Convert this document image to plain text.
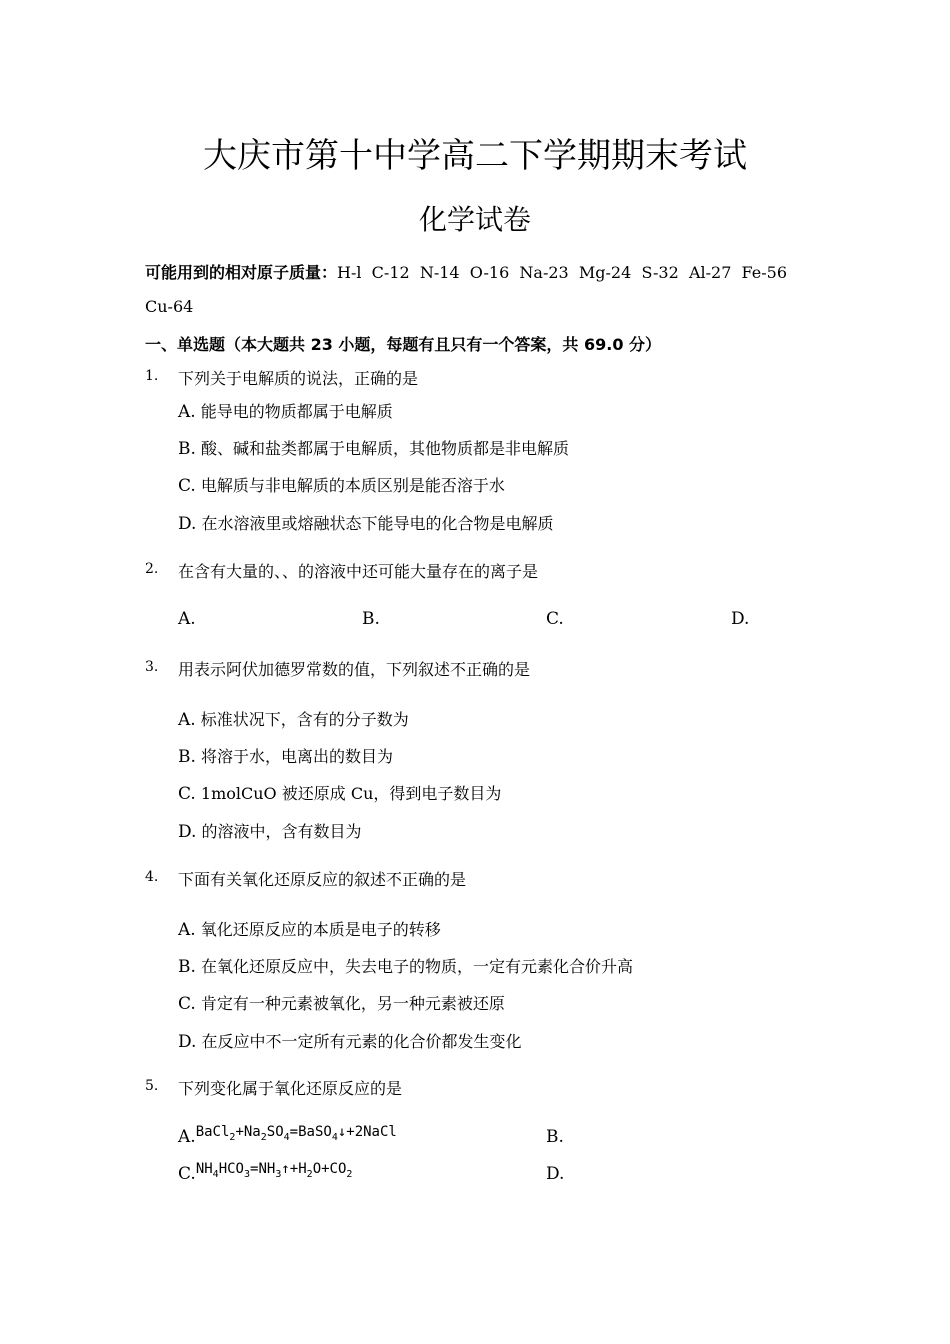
大庆市第十中学高二下学期期末考试
化学试卷
可能用到的相对原子质量：H-l  C-12  N-14  O-16  Na-23  Mg-24  S-32  Al-27  Fe-56
Cu-64
一、单选题（本大题共 23 小题，每题有且只有一个答案，共 69.0 分）
1. 下列关于电解质的说法，正确的是
A. 能导电的物质都属于电解质
B. 酸、碱和盐类都属于电解质，其他物质都是非电解质
C. 电解质与非电解质的本质区别是能否溶于水
D. 在水溶液里或熔融状态下能导电的化合物是电解质
2. 在含有大量的、、的溶液中还可能大量存在的离子是
A.	B.	C.	D.
3. 用表示阿伏加德罗常数的值，下列叙述不正确的是
A. 标准状况下，含有的分子数为
B. 将溶于水，电离出的数目为
C. 1molCuO 被还原成 Cu，得到电子数目为
D. 的溶液中，含有数目为
4. 下面有关氧化还原反应的叙述不正确的是
A. 氧化还原反应的本质是电子的转移
B. 在氧化还原反应中，失去电子的物质，一定有元素化合价升高
C. 肯定有一种元素被氧化，另一种元素被还原
D. 在反应中不一定所有元素的化合价都发生变化
5. 下列变化属于氧化还原反应的是
$A.BaCl_2+Na_2SO_4=BaSO_4↓+2NaCl$	B.
$C.NH_4HCO_3=NH_3↑+H_2O+CO_2$	D.
